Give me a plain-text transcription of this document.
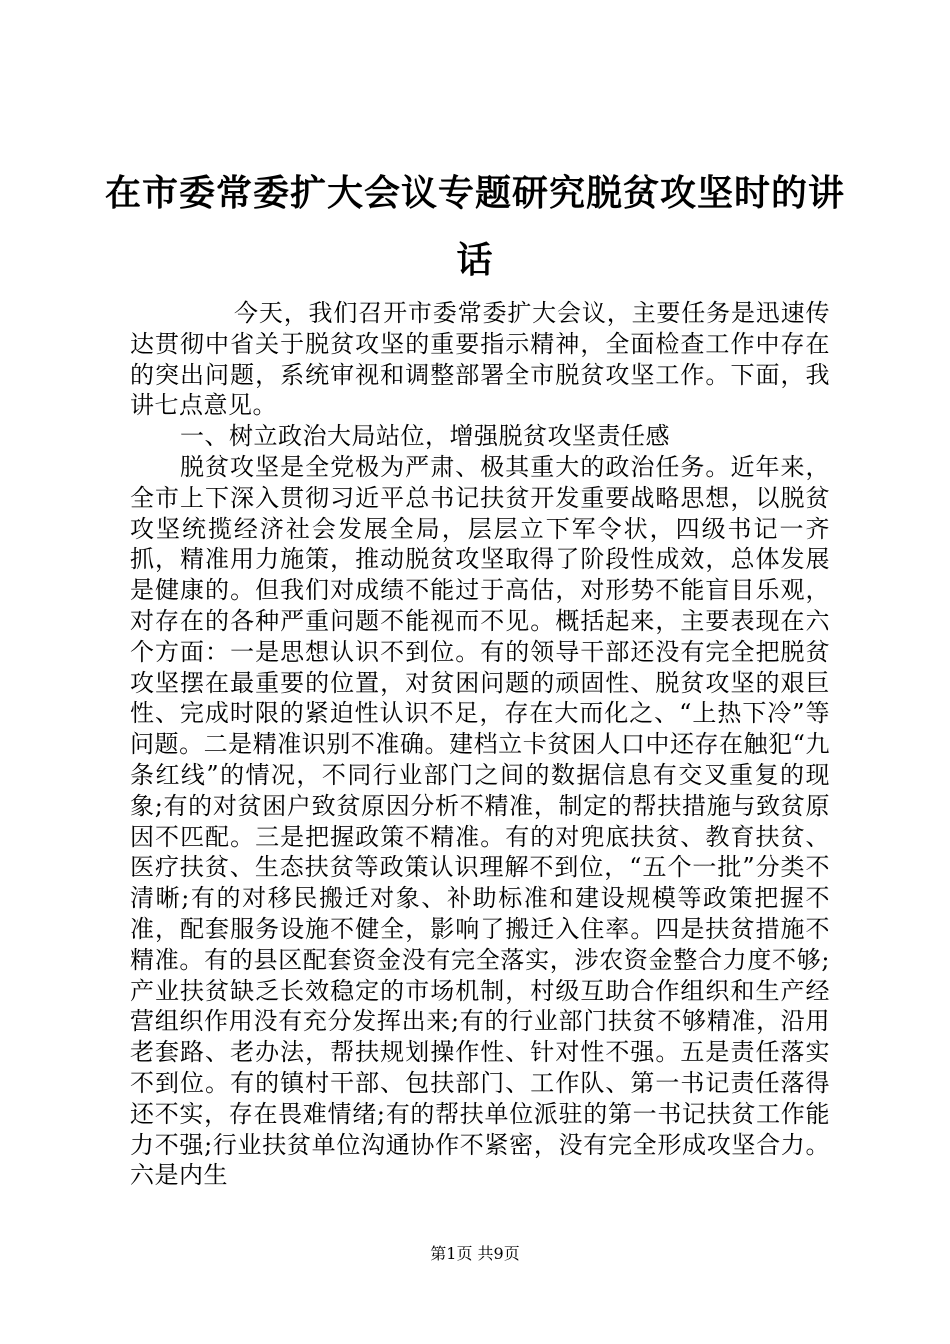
在市委常委扩大会议专题研究脱贫攻坚时的讲话

今天，我们召开市委常委扩大会议，主要任务是迅速传达贯彻中省关于脱贫攻坚的重要指示精神，全面检查工作中存在的突出问题，系统审视和调整部署全市脱贫攻坚工作。下面，我讲七点意见。

一、树立政治大局站位，增强脱贫攻坚责任感

脱贫攻坚是全党极为严肃、极其重大的政治任务。近年来，全市上下深入贯彻习近平总书记扶贫开发重要战略思想，以脱贫攻坚统揽经济社会发展全局，层层立下军令状，四级书记一齐抓，精准用力施策，推动脱贫攻坚取得了阶段性成效，总体发展是健康的。但我们对成绩不能过于高估，对形势不能盲目乐观，对存在的各种严重问题不能视而不见。概括起来，主要表现在六个方面：一是思想认识不到位。有的领导干部还没有完全把脱贫攻坚摆在最重要的位置，对贫困问题的顽固性、脱贫攻坚的艰巨性、完成时限的紧迫性认识不足，存在大而化之、“上热下冷”等问题。二是精准识别不准确。建档立卡贫困人口中还存在触犯“九条红线”的情况，不同行业部门之间的数据信息有交叉重复的现象;有的对贫困户致贫原因分析不精准，制定的帮扶措施与致贫原因不匹配。三是把握政策不精准。有的对兜底扶贫、教育扶贫、医疗扶贫、生态扶贫等政策认识理解不到位，“五个一批”分类不清晰;有的对移民搬迁对象、补助标准和建设规模等政策把握不准，配套服务设施不健全，影响了搬迁入住率。四是扶贫措施不精准。有的县区配套资金没有完全落实，涉农资金整合力度不够;产业扶贫缺乏长效稳定的市场机制，村级互助合作组织和生产经营组织作用没有充分发挥出来;有的行业部门扶贫不够精准，沿用老套路、老办法，帮扶规划操作性、针对性不强。五是责任落实不到位。有的镇村干部、包扶部门、工作队、第一书记责任落得还不实，存在畏难情绪;有的帮扶单位派驻的第一书记扶贫工作能力不强;行业扶贫单位沟通协作不紧密，没有完全形成攻坚合力。六是内生

第1页 共9页
